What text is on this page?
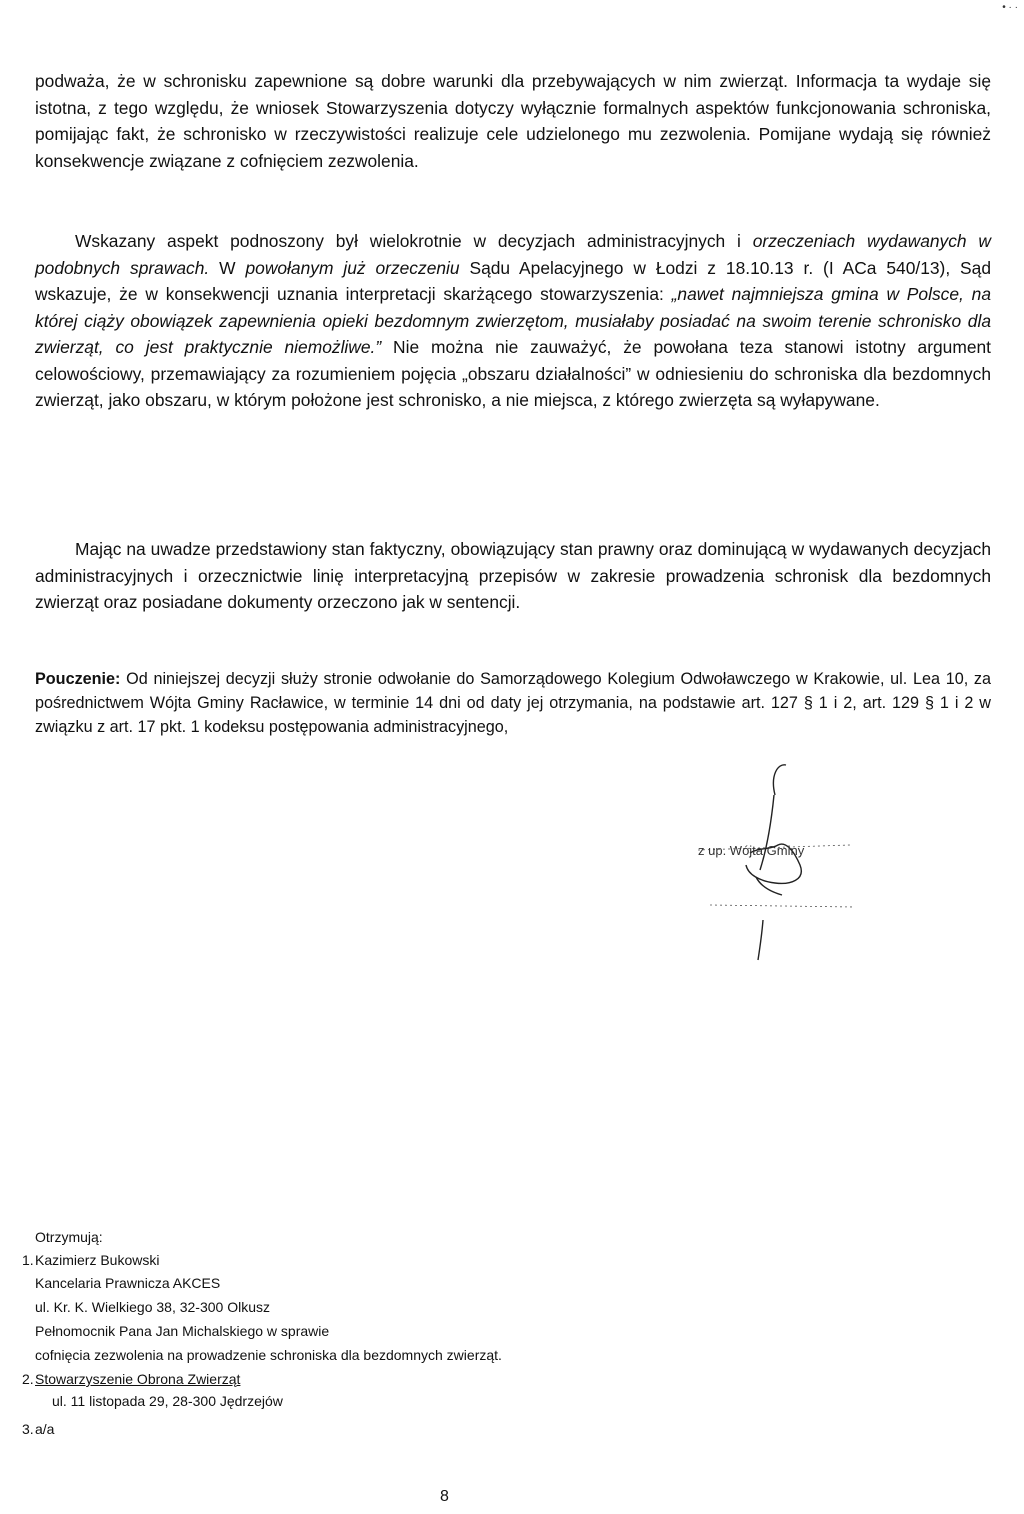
• · ·

podważa, że w schronisku zapewnione są dobre warunki dla przebywających w nim zwierząt. Informacja ta wydaje się istotna, z tego względu, że wniosek Stowarzyszenia dotyczy wyłącznie formalnych aspektów funkcjonowania schroniska, pomijając fakt, że schronisko w rzeczywistości realizuje cele udzielonego mu zezwolenia. Pomijane wydają się również konsekwencje związane z cofnięciem zezwolenia.

Wskazany aspekt podnoszony był wielokrotnie w decyzjach administracyjnych i orzeczeniach wydawanych w podobnych sprawach. W powołanym już orzeczeniu Sądu Apelacyjnego w Łodzi z 18.10.13 r. (I ACa 540/13), Sąd wskazuje, że w konsekwencji uznania interpretacji skarżącego stowarzyszenia: „nawet najmniejsza gmina w Polsce, na której ciąży obowiązek zapewnienia opieki bezdomnym zwierzętom, musiałaby posiadać na swoim terenie schronisko dla zwierząt, co jest praktycznie niemożliwe.” Nie można nie zauważyć, że powołana teza stanowi istotny argument celowościowy, przemawiający za rozumieniem pojęcia „obszaru działalności” w odniesieniu do schroniska dla bezdomnych zwierząt, jako obszaru, w którym położone jest schronisko, a nie miejsca, z którego zwierzęta są wyłapywane.

Mając na uwadze przedstawiony stan faktyczny, obowiązujący stan prawny oraz dominującą w wydawanych decyzjach administracyjnych i orzecznictwie linię interpretacyjną przepisów w zakresie prowadzenia schronisk dla bezdomnych zwierząt oraz posiadane dokumenty orzeczono jak w sentencji.

Pouczenie: Od niniejszej decyzji służy stronie odwołanie do Samorządowego Kolegium Odwoławczego w Krakowie, ul. Lea 10, za pośrednictwem Wójta Gminy Racławice, w terminie 14 dni od daty jej otrzymania, na podstawie art. 127 § 1 i 2, art. 129 § 1 i 2 w związku z art. 17 pkt. 1 kodeksu postępowania administracyjnego,

z up. Wójta Gminy
Otrzymują:
1.Kazimierz Bukowski
Kancelaria Prawnicza AKCES
ul. Kr. K. Wielkiego 38, 32-300 Olkusz
Pełnomocnik Pana Jan Michalskiego w sprawie
cofnięcia zezwolenia na prowadzenie schroniska dla bezdomnych zwierząt.
2.Stowarzyszenie Obrona Zwierząt
ul. 11 listopada 29, 28-300 Jędrzejów
3.a/a
8
